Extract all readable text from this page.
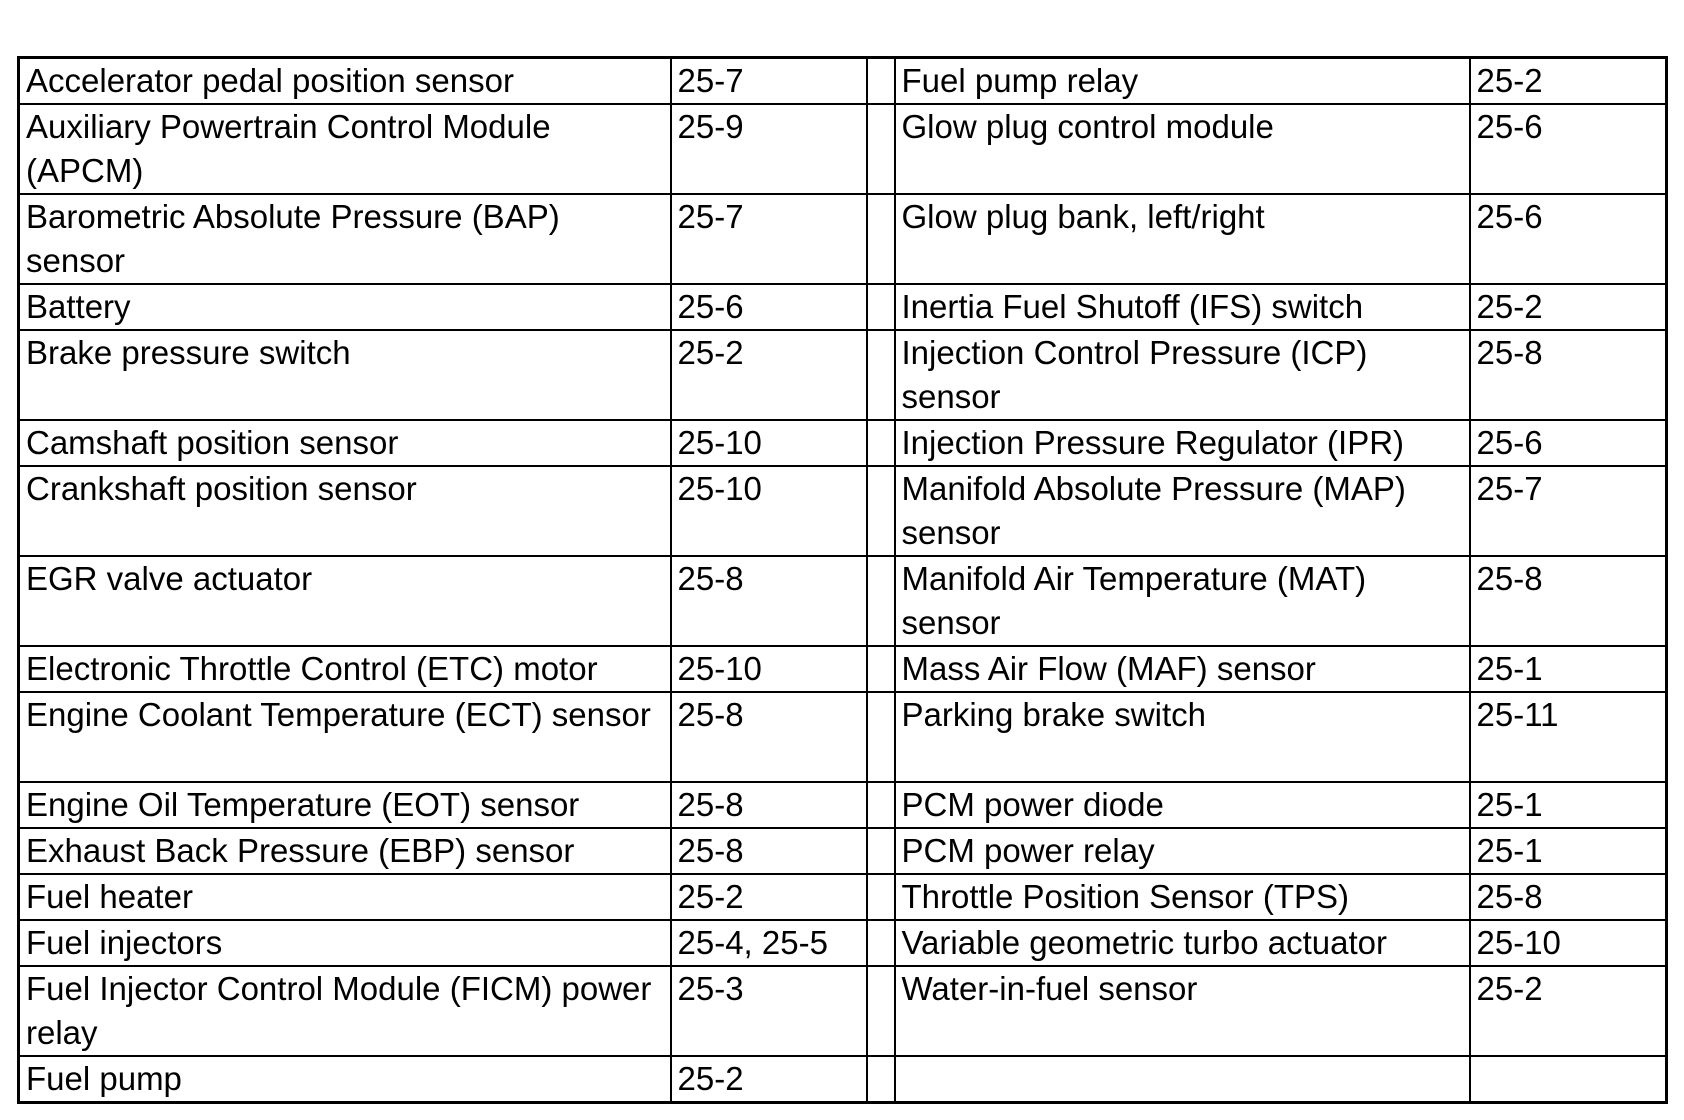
Accelerator pedal position sensor	25-7		Fuel pump relay	25-2
Auxiliary Powertrain Control Module (APCM)	25-9		Glow plug control module	25-6
Barometric Absolute Pressure (BAP) sensor	25-7		Glow plug bank, left/right	25-6
Battery	25-6		Inertia Fuel Shutoff (IFS) switch	25-2
Brake pressure switch	25-2		Injection Control Pressure (ICP) sensor	25-8
Camshaft position sensor	25-10		Injection Pressure Regulator (IPR)	25-6
Crankshaft position sensor	25-10		Manifold Absolute Pressure (MAP) sensor	25-7
EGR valve actuator	25-8		Manifold Air Temperature (MAT) sensor	25-8
Electronic Throttle Control (ETC) motor	25-10		Mass Air Flow (MAF) sensor	25-1
Engine Coolant Temperature (ECT) sensor	25-8		Parking brake switch	25-11
Engine Oil Temperature (EOT) sensor	25-8		PCM power diode	25-1
Exhaust Back Pressure (EBP) sensor	25-8		PCM power relay	25-1
Fuel heater	25-2		Throttle Position Sensor (TPS)	25-8
Fuel injectors	25-4, 25-5		Variable geometric turbo actuator	25-10
Fuel Injector Control Module (FICM) power relay	25-3		Water-in-fuel sensor	25-2
Fuel pump	25-2			
